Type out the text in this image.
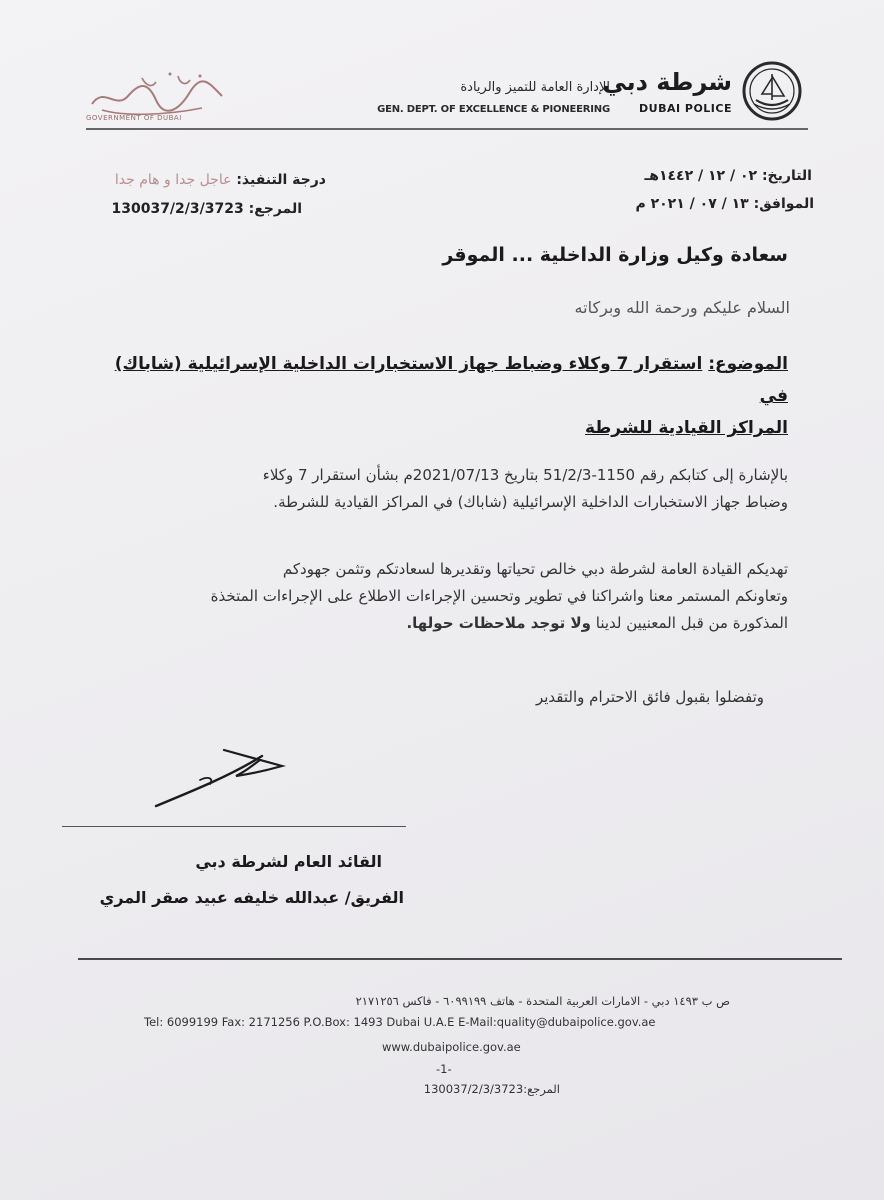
GOVERNMENT OF DUBAI
الإدارة العامة للتميز والريادة
GEN. DEPT. OF EXCELLENCE & PIONEERING
شرطة دبي
DUBAI POLICE
التاريخ: ٠٢ / ١٢ / ١٤٤٢هـ
الموافق: ١٣ / ٠٧ / ٢٠٢١ م
درجة التنفيذ: عاجل جدا و هام جدا
المرجع: 130037/2/3/3723
سعادة وكيل وزارة الداخلية ... الموقر
السلام عليكم ورحمة الله وبركاته
الموضوع: استقرار 7 وكلاء وضباط جهاز الاستخبارات الداخلية الإسرائيلية (شاباك) في
المراكز القيادية للشرطة
بالإشارة إلى كتابكم رقم 1150-51/2/3 بتاريخ 2021/07/13م بشأن استقرار 7 وكلاء
وضباط جهاز الاستخبارات الداخلية الإسرائيلية (شاباك) في المراكز القيادية للشرطة.
تهديكم القيادة العامة لشرطة دبي خالص تحياتها وتقديرها لسعادتكم وتثمن جهودكم
وتعاونكم المستمر معنا واشراكنا في تطوير وتحسين الإجراءات الاطلاع على الإجراءات المتخذة
المذكورة من قبل المعنيين لدينا ولا توجد ملاحظات حولها.
وتفضلوا بقبول فائق الاحترام والتقدير
القائد العام لشرطة دبي
الفريق/ عبدالله خليفه عبيد صقر المري
ص ب ١٤٩٣ دبي - الامارات العربية المتحدة - هاتف ٦٠٩٩١٩٩ - فاكس ٢١٧١٢٥٦
Tel: 6099199 Fax: 2171256 P.O.Box: 1493 Dubai U.A.E E-Mail:quality@dubaipolice.gov.ae
www.dubaipolice.gov.ae
-1-
المرجع:130037/2/3/3723
